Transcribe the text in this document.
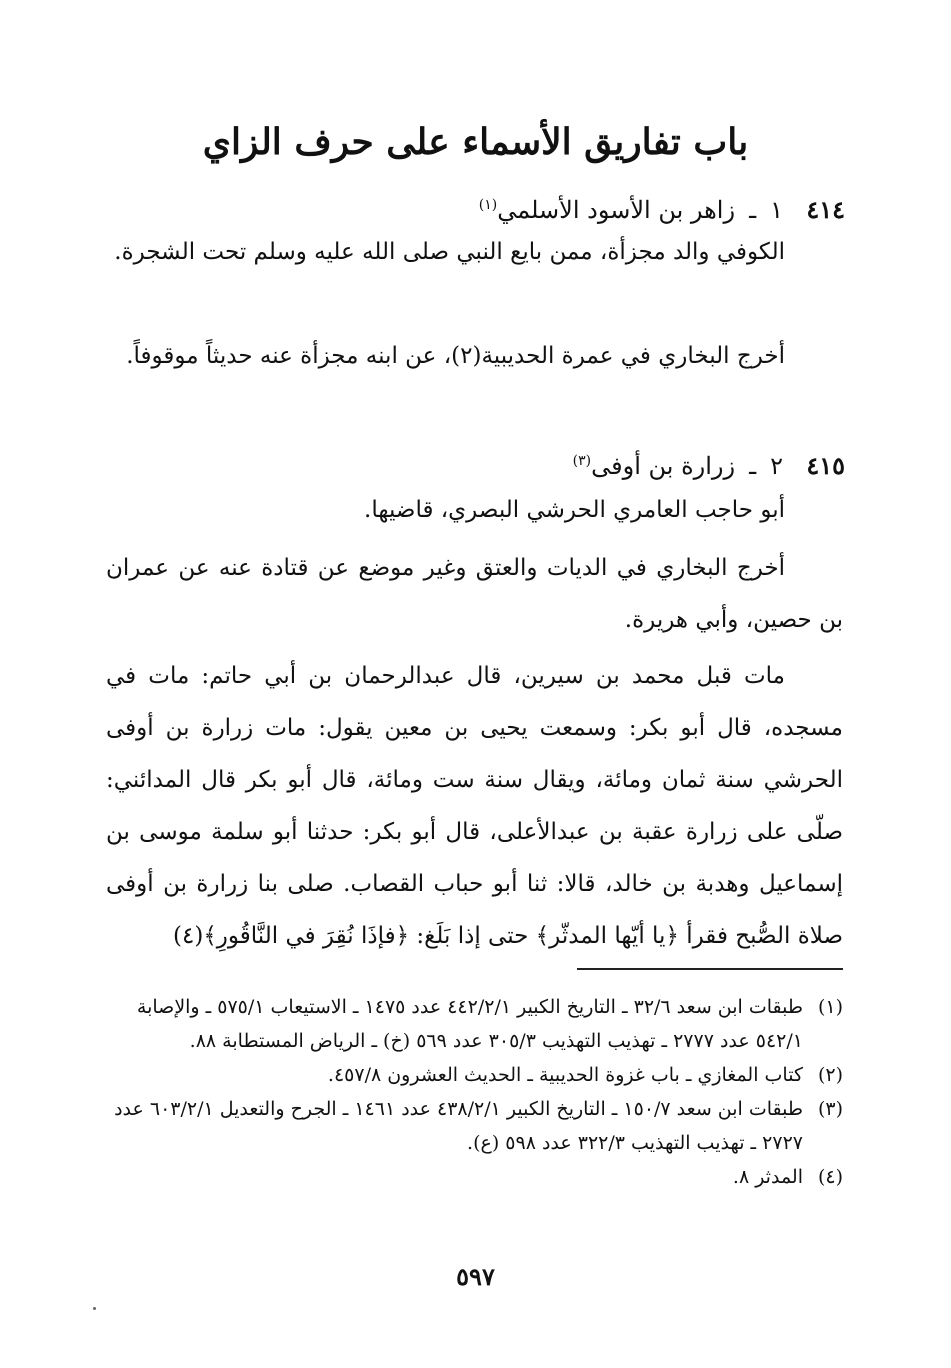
باب تفاريق الأسماء على حرف الزاي
٤١٤١ـزاهر بن الأسود الأسلمي$^{(١)}$
الكوفي والد مجزأة، ممن بايع النبي صلى الله عليه وسلم تحت الشجرة.
أخرج البخاري في عمرة الحديبية(٢)، عن ابنه مجزأة عنه حديثاً موقوفاً.
٤١٥٢ـزرارة بن أوفى$^{(٣)}$
أبو حاجب العامري الحرشي البصري، قاضيها.
أخرج البخاري في الديات والعتق وغير موضع عن قتادة عنه عن عمران بن حصين، وأبي هريرة.
مات قبل محمد بن سيرين، قال عبدالرحمان بن أبي حاتم: مات في مسجده، قال أبو بكر: وسمعت يحيى بن معين يقول: مات زرارة بن أوفى الحرشي سنة ثمان ومائة، ويقال سنة ست ومائة، قال أبو بكر قال المدائني: صلّى على زرارة عقبة بن عبدالأعلى، قال أبو بكر: حدثنا أبو سلمة موسى بن إسماعيل وهدبة بن خالد، قالا: ثنا أبو حباب القصاب. صلى بنا زرارة بن أوفى صلاة الصُّبح فقرأ ﴿يا أيّها المدثّر﴾ حتى إذا بَلَغ: ﴿فإذَا نُقِرَ في النَّاقُورِ﴾(٤)
(١)
طبقات ابن سعد ٣٢/٦ ـ التاريخ الكبير ٤٤٢/٢/١ عدد ١٤٧٥ ـ الاستيعاب ٥٧٥/١ ـ والإصابة ٥٤٢/١ عدد ٢٧٧٧ ـ تهذيب التهذيب ٣٠٥/٣ عدد ٥٦٩ (خ) ـ الرياض المستطابة ٨٨.
(٢)
كتاب المغازي ـ باب غزوة الحديبية ـ الحديث العشرون ٤٥٧/٨.
(٣)
طبقات ابن سعد ١٥٠/٧ ـ التاريخ الكبير ٤٣٨/٢/١ عدد ١٤٦١ ـ الجرح والتعديل ٦٠٣/٢/١ عدد ٢٧٢٧ ـ تهذيب التهذيب ٣٢٢/٣ عدد ٥٩٨ (ع).
(٤)
المدثر ٨.
٥٩٧
